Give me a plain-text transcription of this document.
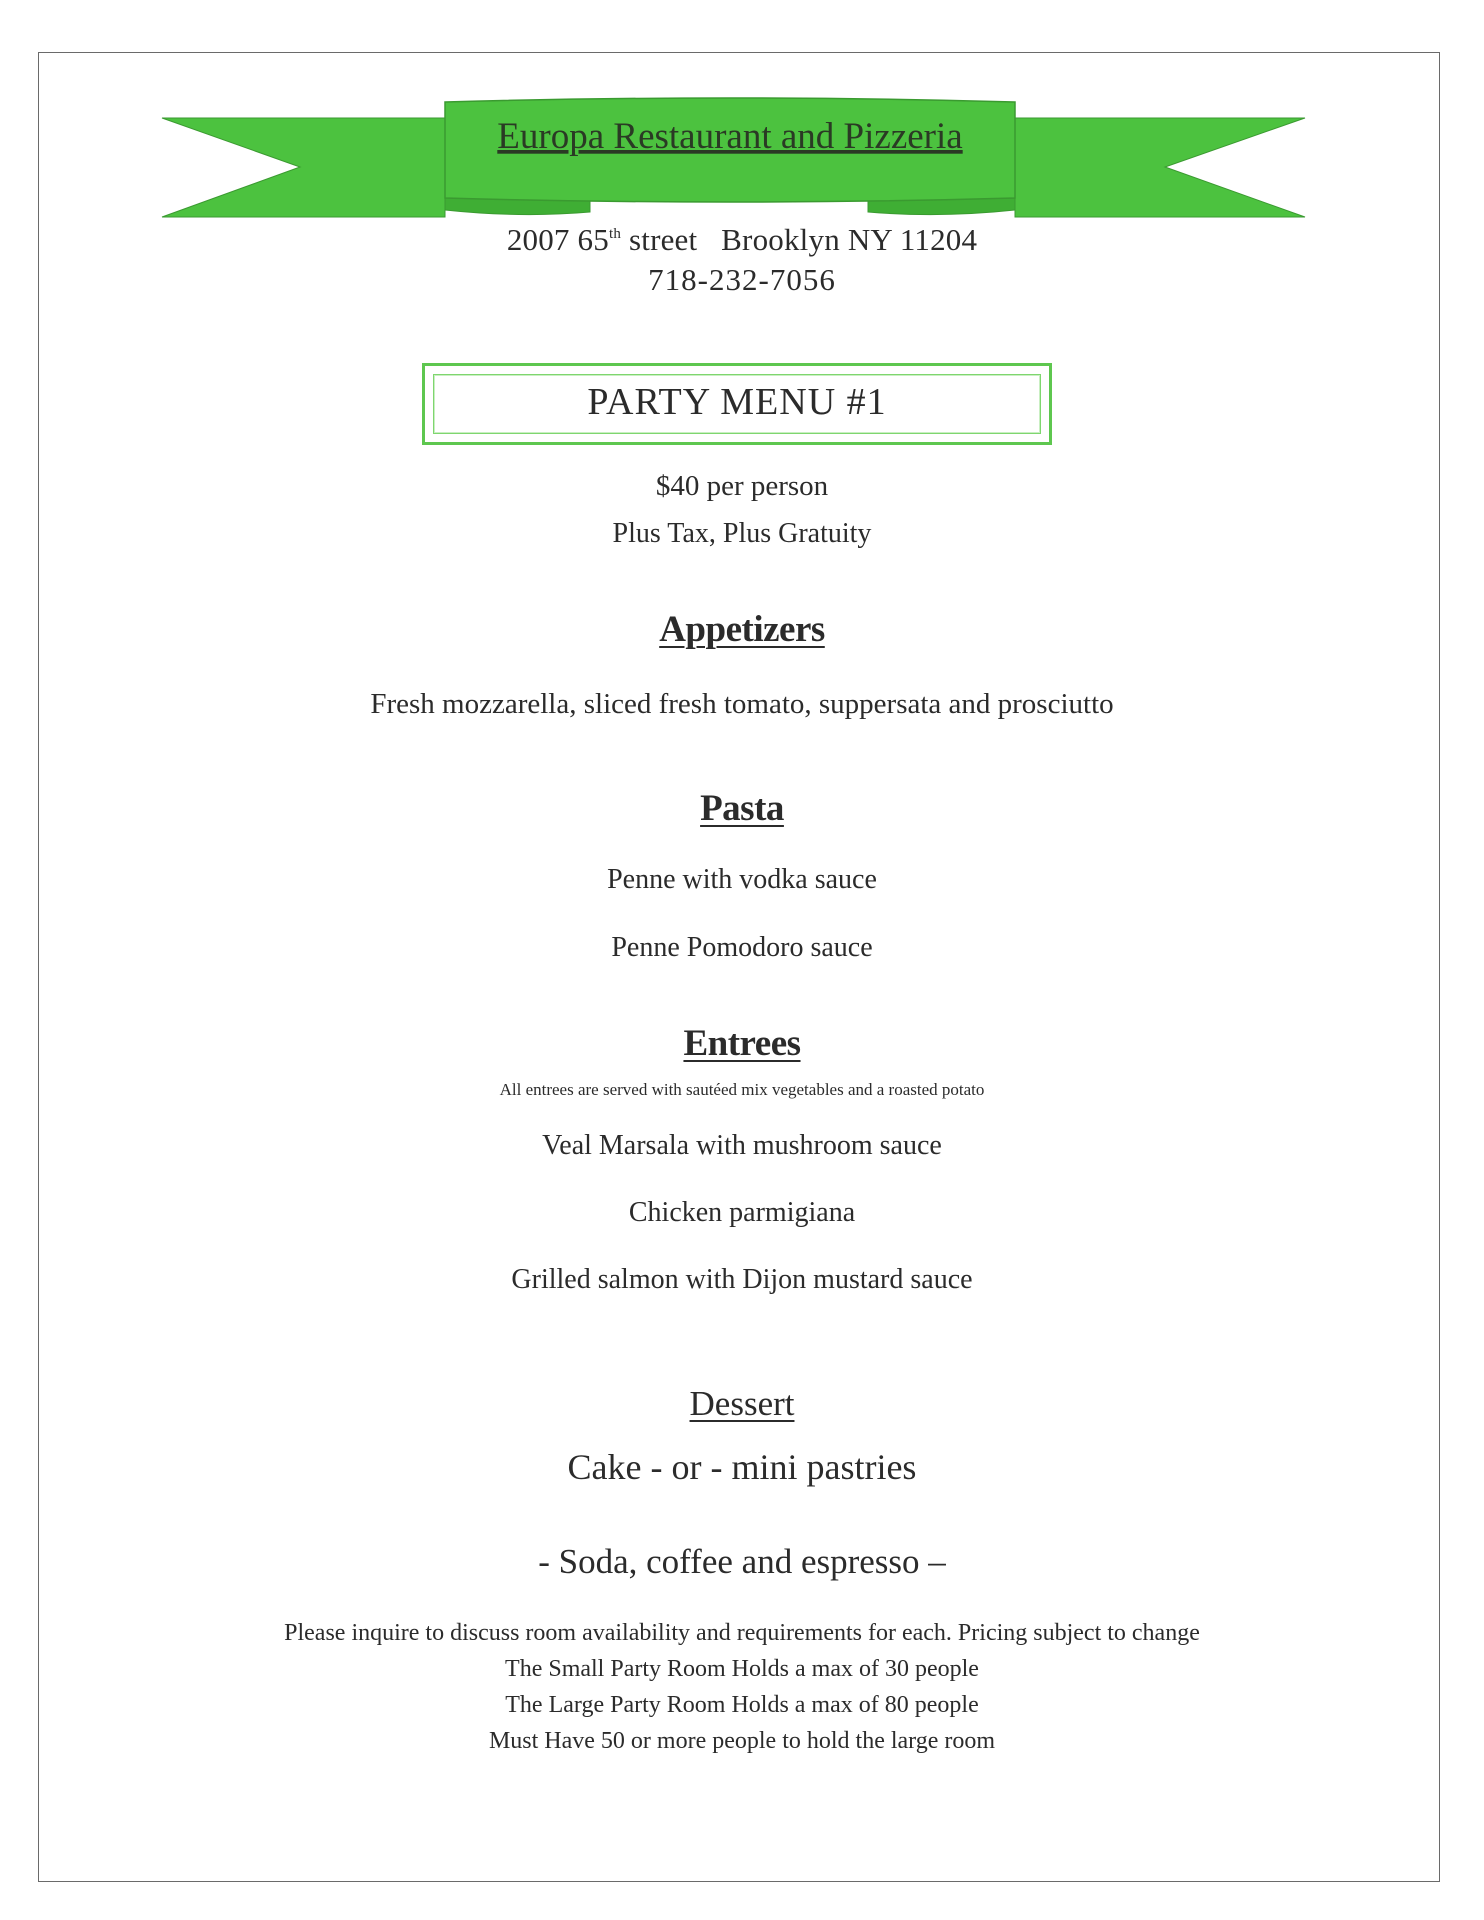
Europa Restaurant and Pizzeria
2007 65th street   Brooklyn NY 11204
718-232-7056
PARTY MENU #1
$40 per person
Plus Tax, Plus Gratuity
Appetizers
Fresh mozzarella, sliced fresh tomato, suppersata and prosciutto
Pasta
Penne with vodka sauce
Penne Pomodoro sauce
Entrees
All entrees are served with sautéed mix vegetables and a roasted potato
Veal Marsala with mushroom sauce
Chicken parmigiana
Grilled salmon with Dijon mustard sauce
Dessert
Cake - or - mini pastries
- Soda, coffee and espresso –
Please inquire to discuss room availability and requirements for each. Pricing subject to change
The Small Party Room Holds a max of 30 people
The Large Party Room Holds a max of 80 people
Must Have 50 or more people to hold the large room
